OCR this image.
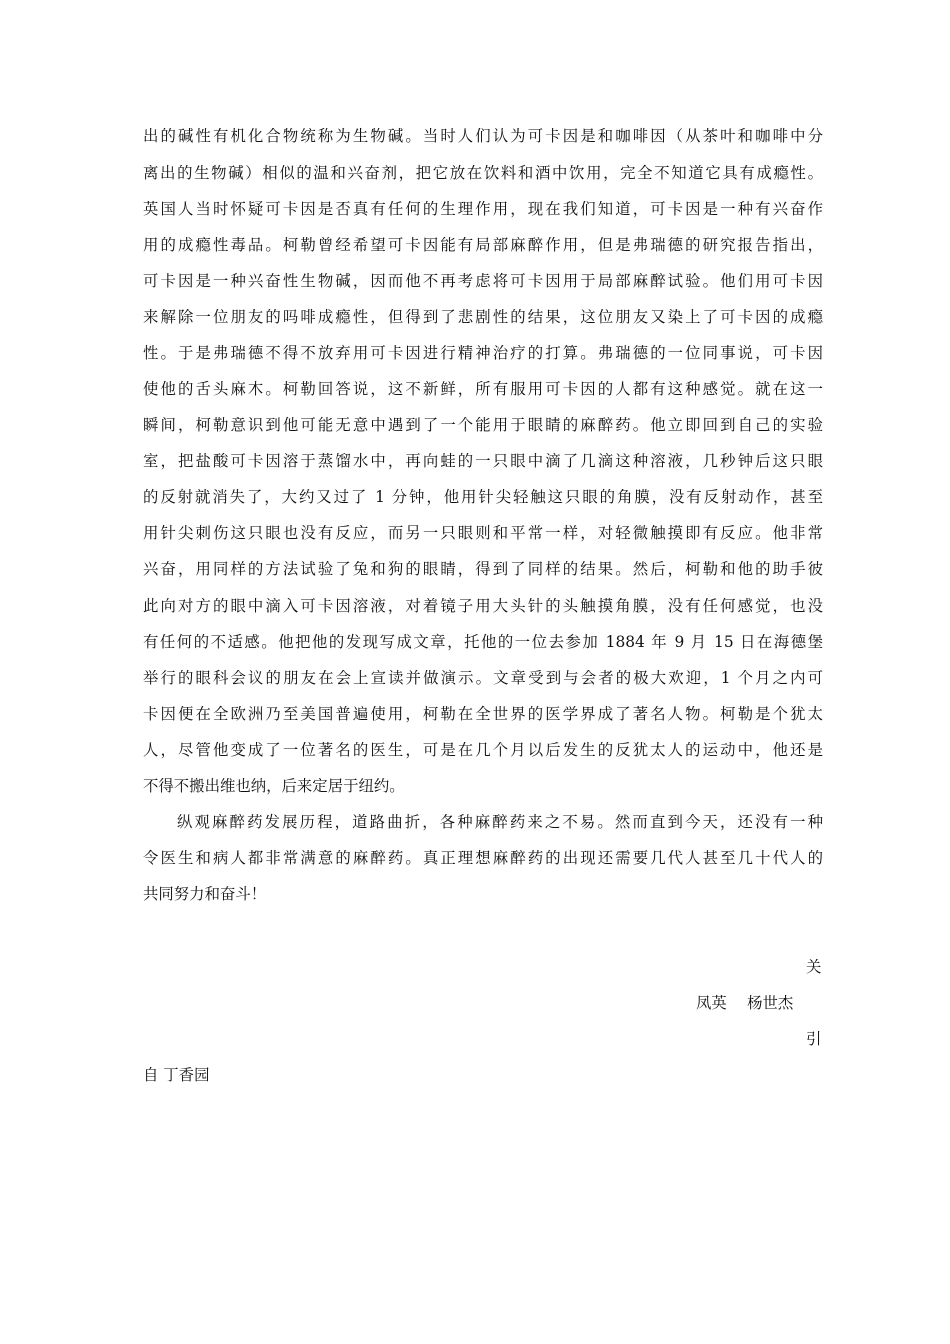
出的碱性有机化合物统称为生物碱。当时人们认为可卡因是和咖啡因（从茶叶和咖啡中分
离出的生物碱）相似的温和兴奋剂，把它放在饮料和酒中饮用，完全不知道它具有成瘾性。
英国人当时怀疑可卡因是否真有任何的生理作用，现在我们知道，可卡因是一种有兴奋作
用的成瘾性毒品。柯勒曾经希望可卡因能有局部麻醉作用，但是弗瑞德的研究报告指出，
可卡因是一种兴奋性生物碱，因而他不再考虑将可卡因用于局部麻醉试验。他们用可卡因
来解除一位朋友的吗啡成瘾性，但得到了悲剧性的结果，这位朋友又染上了可卡因的成瘾
性。于是弗瑞德不得不放弃用可卡因进行精神治疗的打算。弗瑞德的一位同事说，可卡因
使他的舌头麻木。柯勒回答说，这不新鲜，所有服用可卡因的人都有这种感觉。就在这一
瞬间，柯勒意识到他可能无意中遇到了一个能用于眼睛的麻醉药。他立即回到自己的实验
室，把盐酸可卡因溶于蒸馏水中，再向蛙的一只眼中滴了几滴这种溶液，几秒钟后这只眼
的反射就消失了，大约又过了 1 分钟，他用针尖轻触这只眼的角膜，没有反射动作，甚至
用针尖刺伤这只眼也没有反应，而另一只眼则和平常一样，对轻微触摸即有反应。他非常
兴奋，用同样的方法试验了兔和狗的眼睛，得到了同样的结果。然后，柯勒和他的助手彼
此向对方的眼中滴入可卡因溶液，对着镜子用大头针的头触摸角膜，没有任何感觉，也没
有任何的不适感。他把他的发现写成文章，托他的一位去参加 1884 年 9 月 15 日在海德堡
举行的眼科会议的朋友在会上宣读并做演示。文章受到与会者的极大欢迎，1 个月之内可
卡因便在全欧洲乃至美国普遍使用，柯勒在全世界的医学界成了著名人物。柯勒是个犹太
人，尽管他变成了一位著名的医生，可是在几个月以后发生的反犹太人的运动中，他还是
不得不搬出维也纳，后来定居于纽约。
纵观麻醉药发展历程，道路曲折，各种麻醉药来之不易。然而直到今天，还没有一种
令医生和病人都非常满意的麻醉药。真正理想麻醉药的出现还需要几代人甚至几十代人的
共同努力和奋斗！
关
凤英　 杨世杰
引
自 丁香园
